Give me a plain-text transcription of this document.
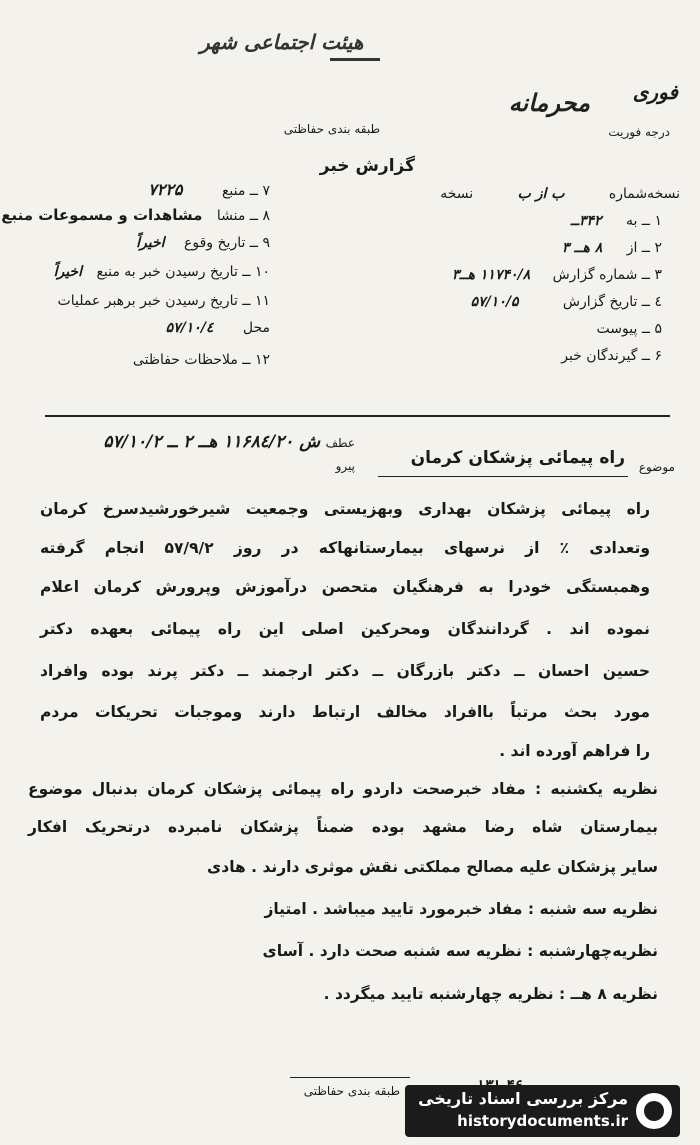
هیئت اجتماعی شهر
فوری
محرمانه
درجه فوریت
طبقه بندی حفاظتی
گزارش خبر
نسخه‌شماره ب از ب نسخه
۱ ــ به ۳۴۲ــ
۲ ــ از ۸ هــ ۳
۳ ــ شماره گزارش ۱۱۷۴۰/۸ هــ۳
٤ ــ تاریخ گزارش ۵۷/۱۰/۵
۵ ــ پیوست
۶ ــ گیرندگان خبر
۷ ــ منبع ۷۲۲۵
۸ ــ منشا مشاهدات و مسموعات منبع
۹ ــ تاریخ وقوع اخیراً
۱۰ ــ تاریخ رسیدن خبر به منبع اخیراً
۱۱ ــ تاریخ رسیدن خبر برهبر عملیات
محل ۵۷/۱۰/٤
۱۲ ــ ملاحظات حفاظتی
موضوع
راه پیمائی پزشکان کرمان
عطف
ش ۱۱۶۸٤/۲۰ هــ ۲ ــ ۵۷/۱۰/۲
پیرو
راه پیمائی پزشکان بهداری وبهزیستی وجمعیت شیرخورشیدسرخ کرمان
وتعدادی ٪ از نرسهای بیمارستانهاکه در روز ۵۷/۹/۲ انجام گرفته
وهمبستگی خودرا به فرهنگیان متحصن درآموزش وپرورش کرمان اعلام
نموده اند . گردانندگان ومحرکین اصلی این راه پیمائی بعهده دکتر
حسین احسان ــ دکتر بازرگان ــ دکتر ارجمند ــ دکتر پرند بوده وافراد
مورد بحث مرتباً باافراد مخالف ارتباط دارند وموجبات تحریکات مردم
را فراهم آورده اند .
نظریه یکشنبه : مفاد خبرصحت داردو راه پیمائی پزشکان کرمان بدنبال موضوع
بیمارستان شاه رضا مشهد بوده ضمناً پزشکان نامبرده درتحریک افکار
سایر پزشکان علیه مصالح مملکتی نقش موثری دارند . هادی
نظریه سه شنبه : مفاد خبرمورد تایید میباشد . امتیاز
نظریه‌چهارشنبه : نظریه سه شنبه صحت دارد . آسای
نظریه ۸ هــ : نظریه چهارشنبه تایید میگردد .
طبقه بندی حفاظتی مرکز بررسی اسناد تاریخی
historydocuments.ir
